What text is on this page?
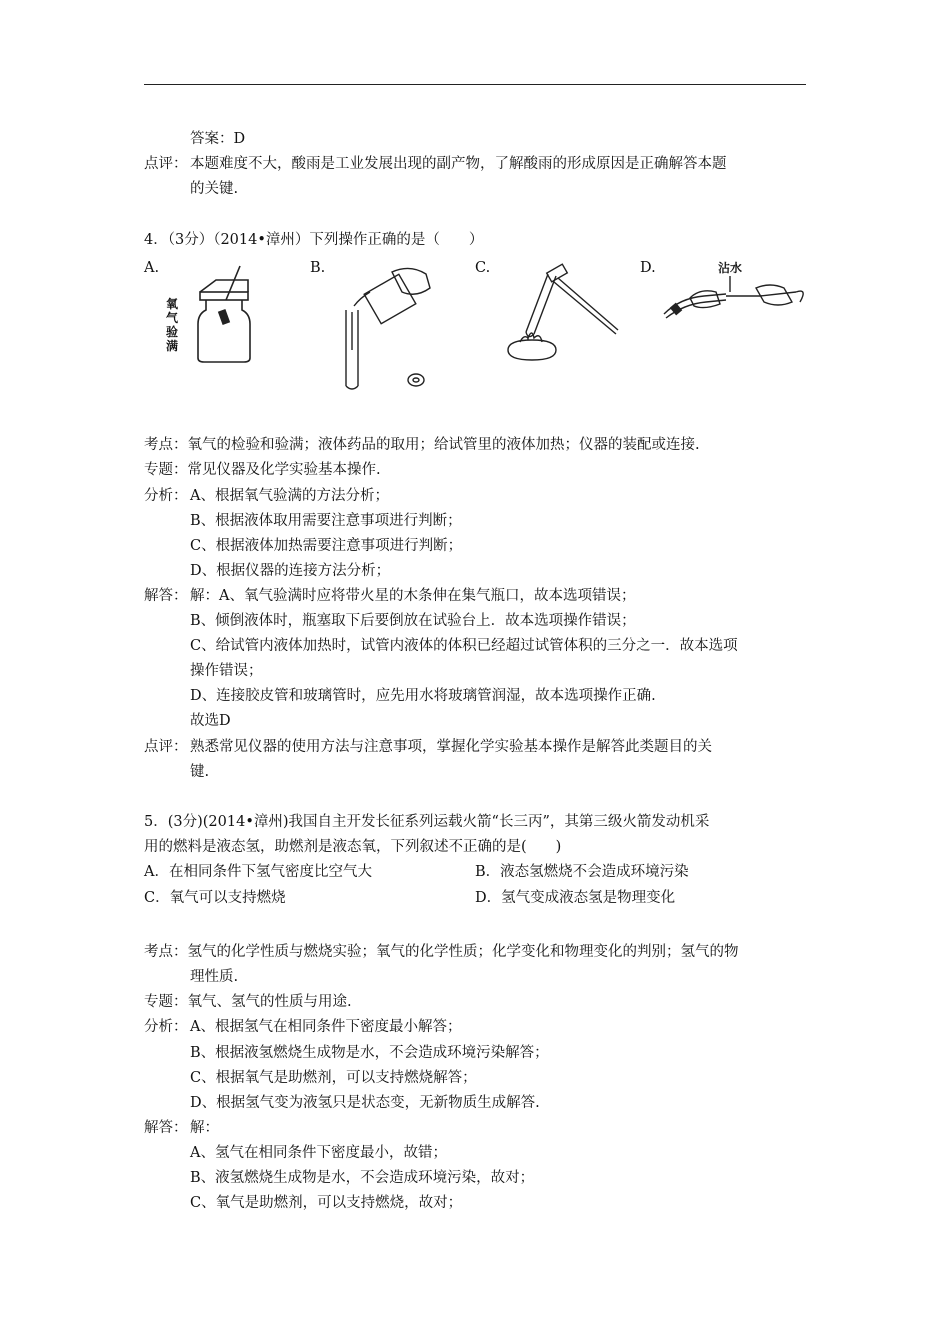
答案：D
点评： 本题难度不大，酸雨是工业发展出现的副产物，了解酸雨的形成原因是正确解答本题
的关键.
4．（3分）（2014•漳州）下列操作正确的是（　　）
A.	B.	C.	D.
氧
气
验
满
沾水
考点：氧气的检验和验满；液体药品的取用；给试管里的液体加热；仪器的装配或连接.
专题：常见仪器及化学实验基本操作.
分析： A、根据氧气验满的方法分析；
B、根据液体取用需要注意事项进行判断；
C、根据液体加热需要注意事项进行判断；
D、根据仪器的连接方法分析；
解答： 解：A、氧气验满时应将带火星的木条伸在集气瓶口，故本选项错误；
B、倾倒液体时，瓶塞取下后要倒放在试验台上．故本选项操作错误；
C、给试管内液体加热时，试管内液体的体积已经超过试管体积的三分之一．故本选项
操作错误；
D、连接胶皮管和玻璃管时，应先用水将玻璃管润湿，故本选项操作正确.
故选D
点评： 熟悉常见仪器的使用方法与注意事项，掌握化学实验基本操作是解答此类题目的关
键.
5．(3分)(2014•漳州)我国自主开发长征系列运载火箭“长三丙”，其第三级火箭发动机采
用的燃料是液态氢，助燃剂是液态氧，下列叙述不正确的是(　　)
A．在相同条件下氢气密度比空气大	B．液态氢燃烧不会造成环境污染
C．氧气可以支持燃烧	D．氢气变成液态氢是物理变化
考点：氢气的化学性质与燃烧实验；氧气的化学性质；化学变化和物理变化的判别；氢气的物
理性质.
专题：氧气、氢气的性质与用途.
分析： A、根据氢气在相同条件下密度最小解答；
B、根据液氢燃烧生成物是水，不会造成环境污染解答；
C、根据氧气是助燃剂，可以支持燃烧解答；
D、根据氢气变为液氢只是状态变，无新物质生成解答.
解答： 解：
A、氢气在相同条件下密度最小，故错；
B、液氢燃烧生成物是水，不会造成环境污染，故对；
C、氧气是助燃剂，可以支持燃烧，故对；
